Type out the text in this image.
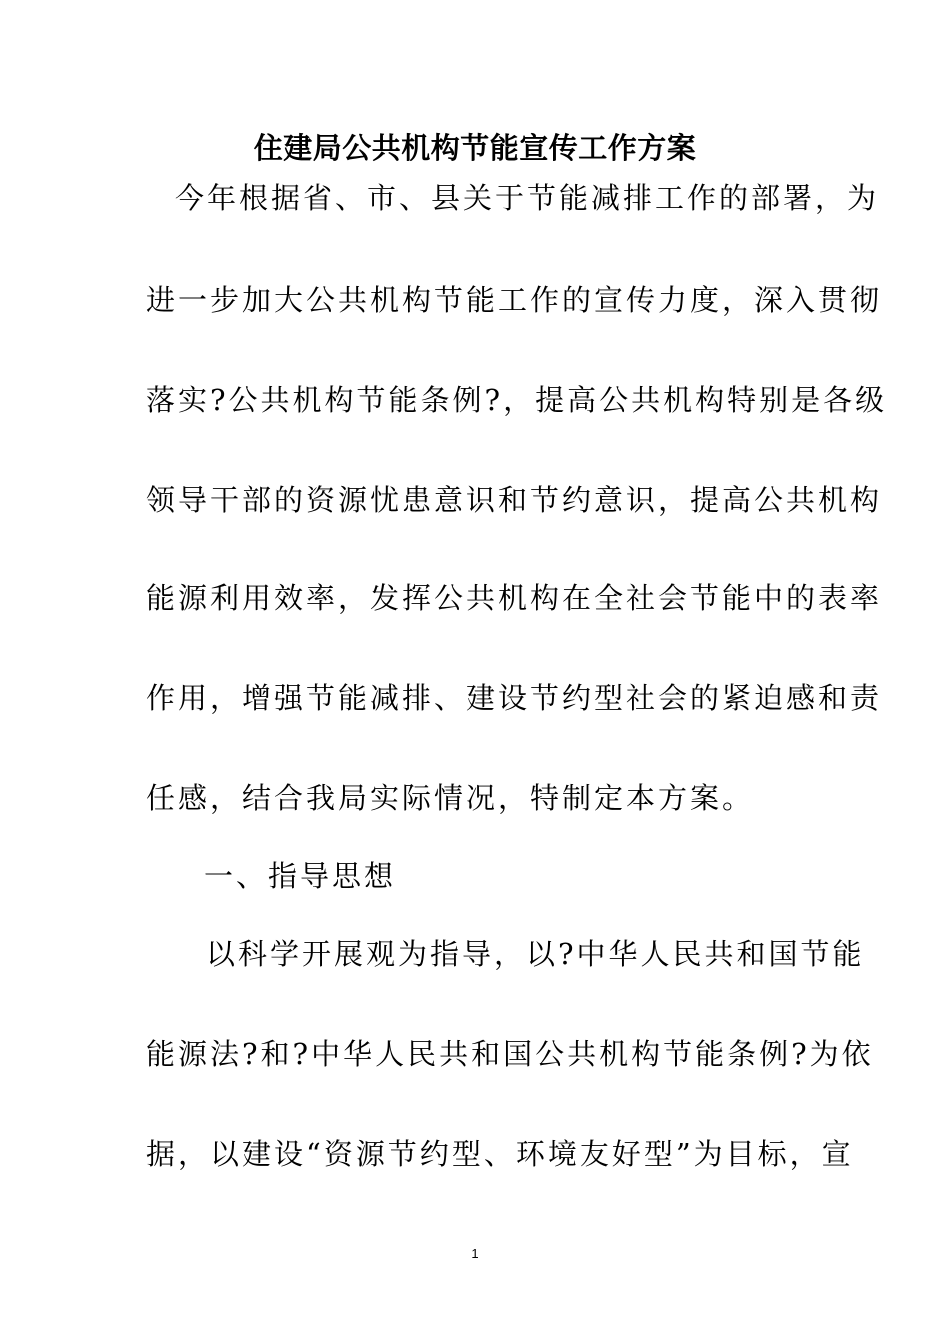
住建局公共机构节能宣传工作方案
今年根据省、市、县关于节能减排工作的部署，为
进一步加大公共机构节能工作的宣传力度，深入贯彻
落实?公共机构节能条例?，提高公共机构特别是各级
领导干部的资源忧患意识和节约意识，提高公共机构
能源利用效率，发挥公共机构在全社会节能中的表率
作用，增强节能减排、建设节约型社会的紧迫感和责
任感，结合我局实际情况，特制定本方案。
一、指导思想
以科学开展观为指导，以?中华人民共和国节能
能源法?和?中华人民共和国公共机构节能条例?为依
据，以建设“资源节约型、环境友好型”为目标，宣
1
